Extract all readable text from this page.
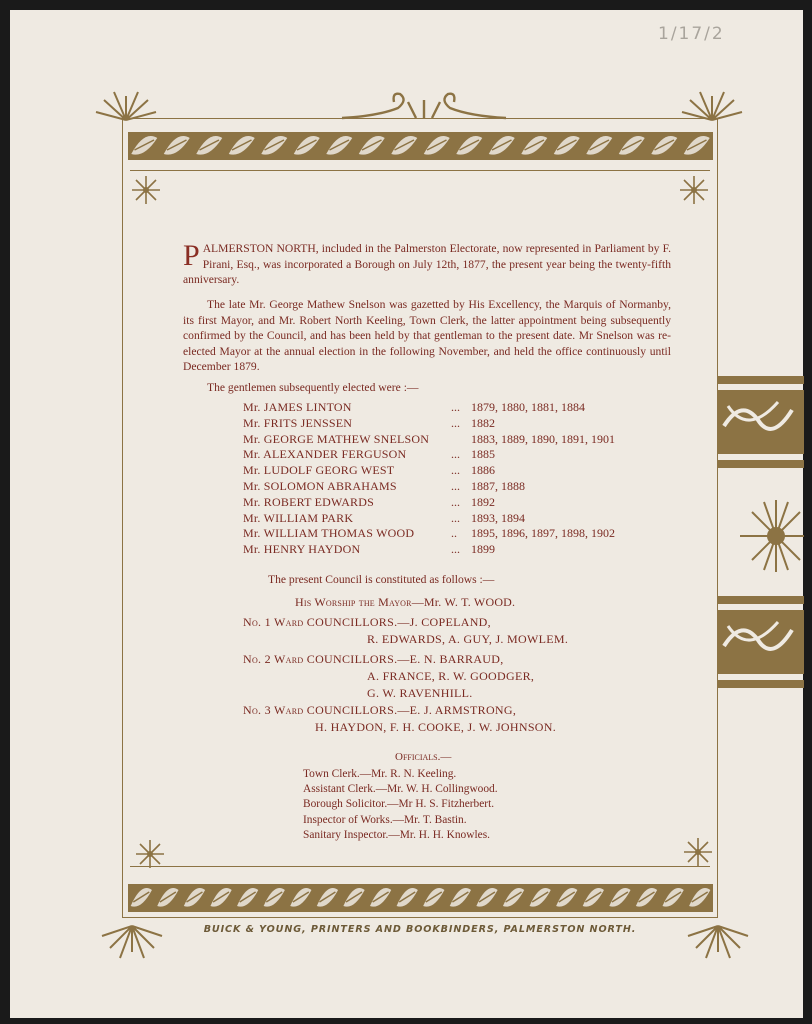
1/17/2
PALMERSTON NORTH, included in the Palmerston Electorate, now represented in Parliament by F. Pirani, Esq., was incorporated a Borough on July 12th, 1877, the present year being the twenty-fifth anniversary.
The late Mr. George Mathew Snelson was gazetted by His Excellency, the Marquis of Normanby, its first Mayor, and Mr. Robert North Keeling, Town Clerk, the latter appointment being subsequently confirmed by the Council, and has been held by that gentleman to the present date. Mr Snelson was re-elected Mayor at the annual election in the following November, and held the office continuously until December 1879.
The gentlemen subsequently elected were :—
Mr. JAMES LINTON	... 1879, 1880, 1881, 1884
Mr. FRITS JENSSEN	... 1882
Mr. GEORGE MATHEW SNELSON	1883, 1889, 1890, 1891, 1901
Mr. ALEXANDER FERGUSON	... 1885
Mr. LUDOLF GEORG WEST	... 1886
Mr. SOLOMON ABRAHAMS	... 1887, 1888
Mr. ROBERT EDWARDS	... 1892
Mr. WILLIAM PARK	... 1893, 1894
Mr. WILLIAM THOMAS WOOD	..	1895, 1896, 1897, 1898, 1902
Mr. HENRY HAYDON	... 1899
The present Council is constituted as follows :—
His Worship the Mayor—Mr. W. T. WOOD.
No. 1 Ward COUNCILLORS.—J. COPELAND,
R. EDWARDS, A. GUY, J. MOWLEM.
No. 2 Ward COUNCILLORS.—E. N. BARRAUD,
A. FRANCE, R. W. GOODGER,
G. W. RAVENHILL.
No. 3 Ward COUNCILLORS.—E. J. ARMSTRONG,
H. HAYDON, F. H. COOKE, J. W. JOHNSON.
Officials.—
Town Clerk.—Mr. R. N. Keeling.
Assistant Clerk.—Mr. W. H. Collingwood.
Borough Solicitor.—Mr H. S. Fitzherbert.
Inspector of Works.—Mr. T. Bastin.
Sanitary Inspector.—Mr. H. H. Knowles.
BUICK & YOUNG, PRINTERS AND BOOKBINDERS, PALMERSTON NORTH.
